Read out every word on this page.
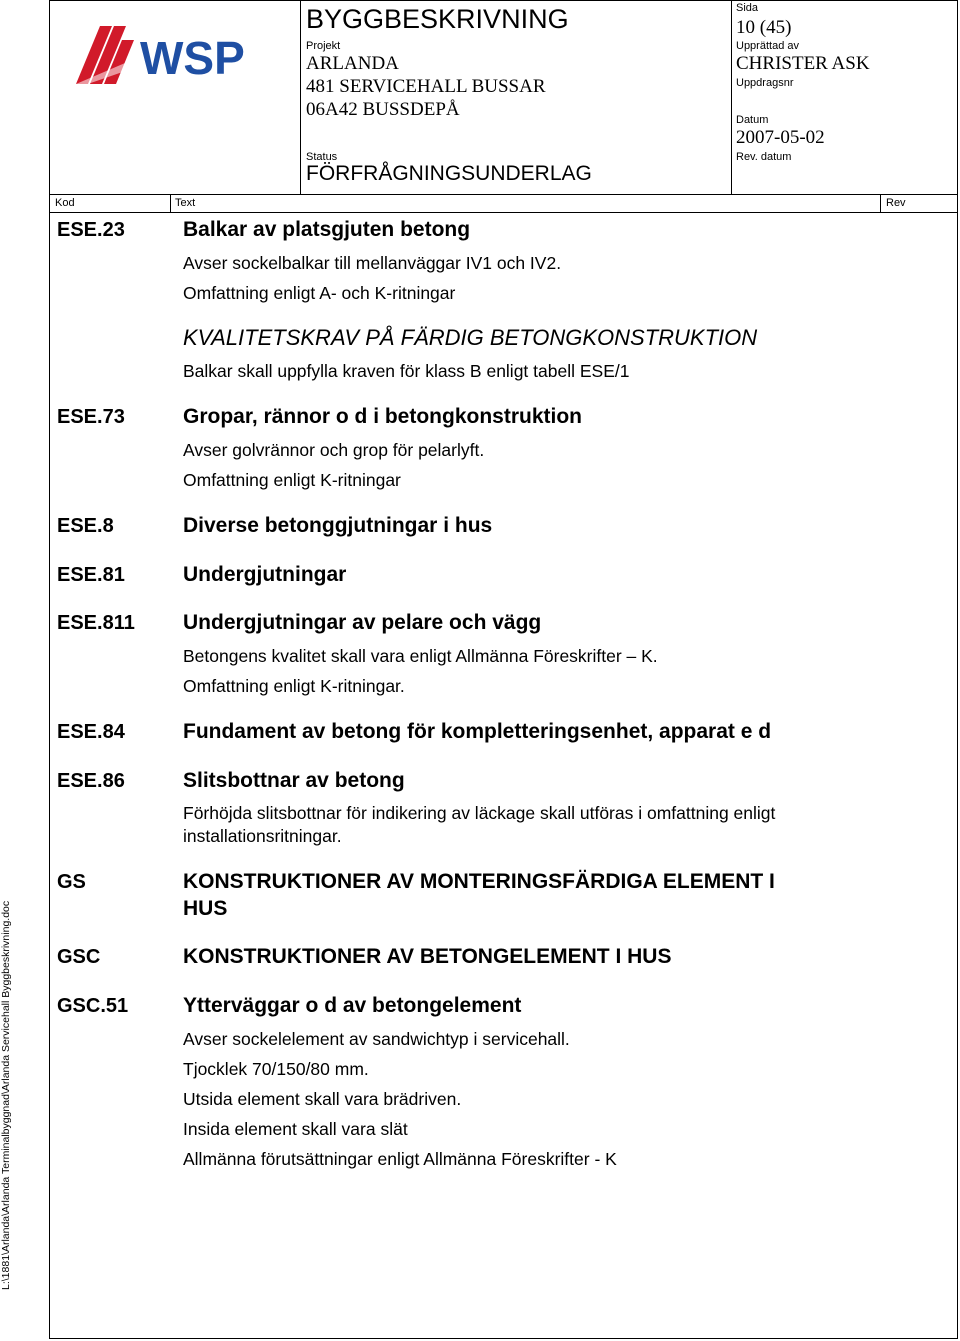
WSP
BYGGBESKRIVNING
Projekt
ARLANDA
481 SERVICEHALL BUSSAR
06A42 BUSSDEPÅ
Status
FÖRFRÅGNINGSUNDERLAG
Sida
10 (45)
Upprättad av
CHRISTER ASK
Uppdragsnr
Datum
2007-05-02
Rev. datum
Kod	Text	Rev
L:\1881\Arlanda\Arlanda Terminalbyggnad\Arlanda Servicehall Byggbeskrivning.doc
ESE.23	Balkar av platsgjuten betong
Avser sockelbalkar till mellanväggar IV1 och IV2.
Omfattning enligt A- och K-ritningar
KVALITETSKRAV PÅ FÄRDIG BETONGKONSTRUKTION
Balkar skall uppfylla kraven för klass B enligt tabell ESE/1
ESE.73	Gropar, rännor o d i betongkonstruktion
Avser golvrännor och grop för pelarlyft.
Omfattning enligt K-ritningar
ESE.8	Diverse betonggjutningar i hus
ESE.81	Undergjutningar
ESE.811 Undergjutningar av pelare och vägg
Betongens kvalitet skall vara enligt Allmänna Föreskrifter – K.
Omfattning enligt K-ritningar.
ESE.84	Fundament av betong för kompletteringsenhet, apparat e d
ESE.86	Slitsbottnar av betong
Förhöjda slitsbottnar för indikering av läckage skall utföras i omfattning enligt
installationsritningar.
GS	KONSTRUKTIONER AV MONTERINGSFÄRDIGA ELEMENT I
HUS
GSC	KONSTRUKTIONER AV BETONGELEMENT I HUS
GSC.51	Ytterväggar o d av betongelement
Avser sockelelement av sandwichtyp i servicehall.
Tjocklek 70/150/80 mm.
Utsida element skall vara brädriven.
Insida element skall vara slät
Allmänna förutsättningar enligt Allmänna Föreskrifter - K
